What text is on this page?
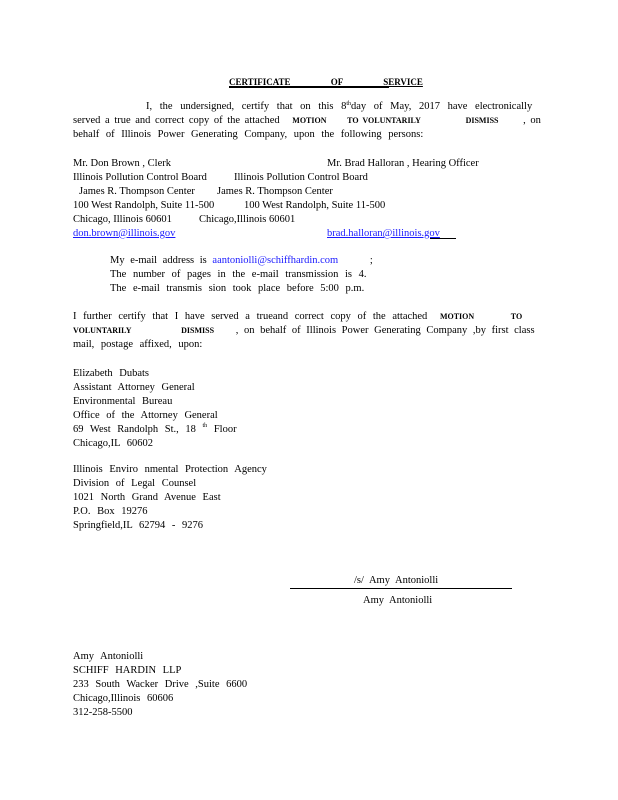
CERTIFICATE OF SERVICE
I, the undersigned, certify that on this 8thday of May, 2017 have electronically
served a true and correct copy of the attached MOTION	TO VOLUNTARILY	DISMISS , on
behalf of Illinois Power Generating Company, upon the following persons:
Mr. Don Brown , Clerk
Illinois Pollution Control Board
James R. Thompson Center
100 West Randolph, Suite 11-500
Chicago, Illinois 60601
don.brown@illinois.gov
Mr. Brad Halloran , Hearing Officer
Illinois Pollution Control Board
James R. Thompson Center
100 West Randolph, Suite 11-500
Chicago,Illinois 60601
brad.halloran@illinois.gov
My e-mail address is aantoniolli@schiffhardin.com	;
The number of pages in the e-mail transmission is 4.
The e-mail transmis sion took place before 5:00 p.m.
I further certify that I have served a trueand correct copy of the attached MOTION	TO
VOLUNTARILY	DISMISS , on behalf of Illinois Power Generating Company ,by first class
mail, postage affixed, upon:
Elizabeth Dubats
Assistant Attorney General
Environmental Bureau
Office of the Attorney General
69 West Randolph St., 18 $^{th}$ Floor
Chicago,IL 60602
Illinois Enviro nmental Protection Agency
Division of Legal Counsel
1021 North Grand Avenue East
P.O. Box 19276
Springfield,IL 62794 - 9276
/s/ Amy Antoniolli
Amy Antoniolli
Amy Antoniolli
SCHIFF HARDIN LLP
233 South Wacker Drive ,Suite 6600
Chicago,Illinois 60606
312-258-5500
